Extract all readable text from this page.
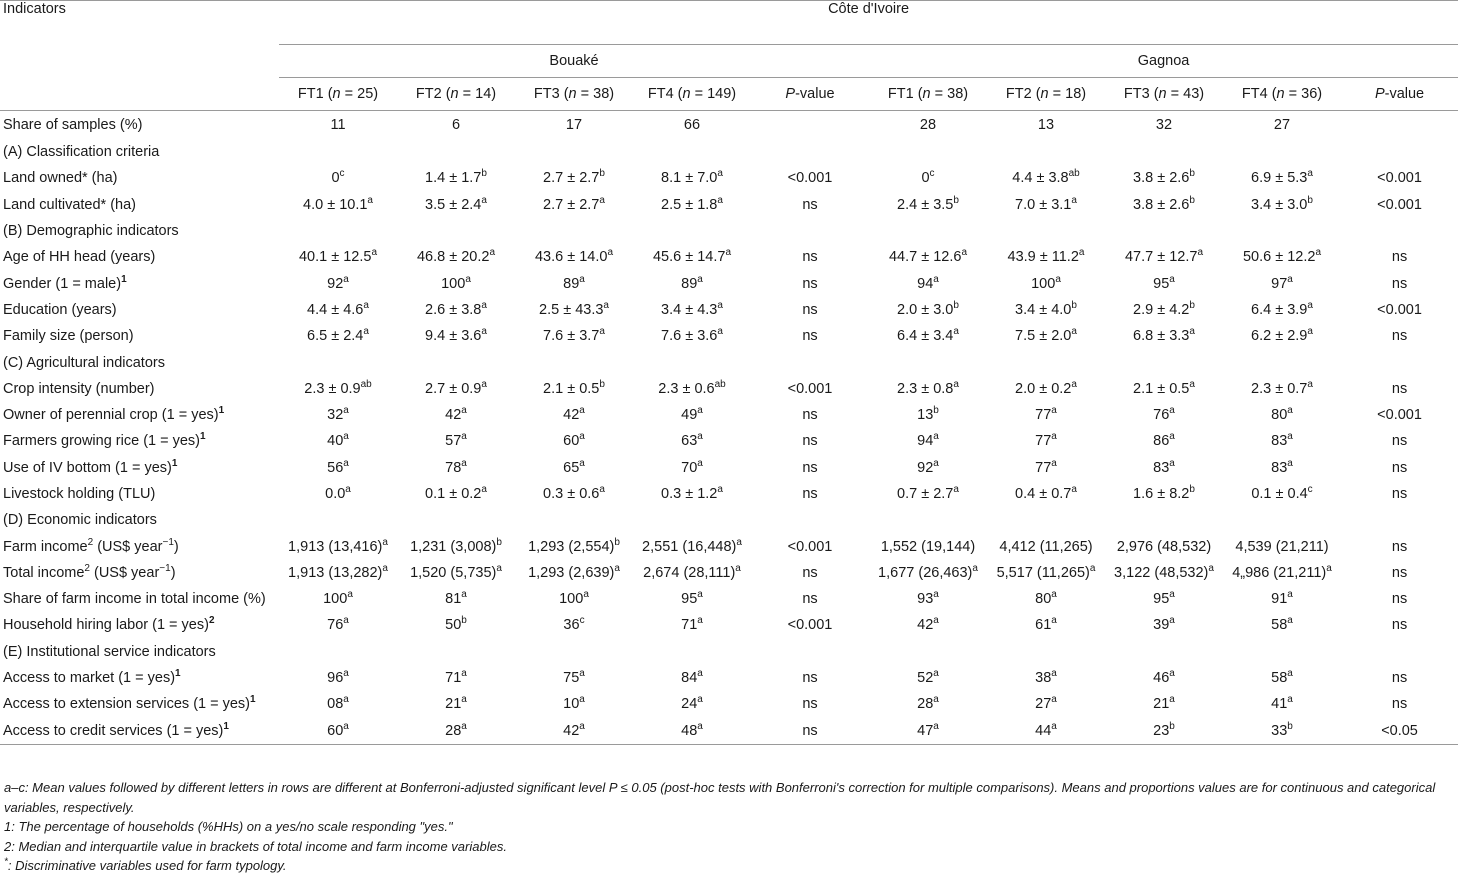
Indicators	Côte d'Ivoire									
	Bouaké					Gagnoa				
	FT1 (n = 25)	FT2 (n = 14)	FT3 (n = 38)	FT4 (n = 149)	P-value	FT1 (n = 38)	FT2 (n = 18)	FT3 (n = 43)	FT4 (n = 36)	P-value
Share of samples (%)	11	6	17	66		28	13	32	27	
(A) Classification criteria										
Land owned* (ha)	0$^c$	1.4 ± 1.7$^b$	2.7 ± 2.7$^b$	8.1 ± 7.0$^a$	<0.001	0$^c$	4.4 ± 3.8$^{ab}$	3.8 ± 2.6$^b$	6.9 ± 5.3$^a$	<0.001
Land cultivated* (ha)	4.0 ± 10.1$^a$	3.5 ± 2.4$^a$	2.7 ± 2.7$^a$	2.5 ± 1.8$^a$	ns	2.4 ± 3.5$^b$	7.0 ± 3.1$^a$	3.8 ± 2.6$^b$	3.4 ± 3.0$^b$	<0.001
(B) Demographic indicators										
Age of HH head (years)	40.1 ± 12.5$^a$	46.8 ± 20.2$^a$	43.6 ± 14.0$^a$	45.6 ± 14.7$^a$	ns	44.7 ± 12.6$^a$	43.9 ± 11.2$^a$	47.7 ± 12.7$^a$	50.6 ± 12.2$^a$	ns
Gender (1 = male)$^1$	92$^a$	100$^a$	89$^a$	89$^a$	ns	94$^a$	100$^a$	95$^a$	97$^a$	ns
Education (years)	4.4 ± 4.6$^a$	2.6 ± 3.8$^a$	2.5 ± 43.3$^a$	3.4 ± 4.3$^a$	ns	2.0 ± 3.0$^b$	3.4 ± 4.0$^b$	2.9 ± 4.2$^b$	6.4 ± 3.9$^a$	<0.001
Family size (person)	6.5 ± 2.4$^a$	9.4 ± 3.6$^a$	7.6 ± 3.7$^a$	7.6 ± 3.6$^a$	ns	6.4 ± 3.4$^a$	7.5 ± 2.0$^a$	6.8 ± 3.3$^a$	6.2 ± 2.9$^a$	ns
(C) Agricultural indicators										
Crop intensity (number)	2.3 ± 0.9$^{ab}$	2.7 ± 0.9$^a$	2.1 ± 0.5$^b$	2.3 ± 0.6$^{ab}$	<0.001	2.3 ± 0.8$^a$	2.0 ± 0.2$^a$	2.1 ± 0.5$^a$	2.3 ± 0.7$^a$	ns
Owner of perennial crop (1 = yes)$^1$	32$^a$	42$^a$	42$^a$	49$^a$	ns	13$^b$	77$^a$	76$^a$	$80^a$	<0.001
Farmers growing rice (1 = yes)$^1$	40$^a$	57$^a$	60$^a$	63$^a$	ns	94$^a$	77$^a$	86$^a$	83$^a$	ns
Use of IV bottom (1 = yes)$^1$	56$^a$	78$^a$	65$^a$	70$^a$	ns	92$^a$	77$^a$	83$^a$	83$^a$	ns
Livestock holding (TLU)	0.0$^a$	0.1 ± 0.2$^a$	0.3 ± 0.6$^a$	0.3 ± 1.2$^a$	ns	0.7 ± 2.7$^a$	0.4 ± 0.7$^a$	1.6 ± 8.2$^b$	0.1 ± 0.4$^c$	ns
(D) Economic indicators										
Farm income$^2$ (US$ year$^{-1}$)	1,913 $(13,416)^a$	1,231 $(3,008)^b$	1,293 $(2,554)^b$	2,551 $(16,448)^a$	<0.001	1,552 (19,144)	4,412 (11,265)	2,976 (48,532)	4,539 (21,211)	ns
Total income$^2$ (US$ year$^{-1}$)	1,913 $(13,282)^a$	1,520 $(5,735)^a$	1,293 $(2,639)^a$	2,674 $(28,111)^a$	ns	1,677 $(26,463)^a$	5,517 $(11,265)^a$	3,122 $(48,532)^a$	4„986 $(21,211)^a$	ns
Share of farm income in total income (%)	100$^a$	81$^a$	100$^a$	95$^a$	ns	93$^a$	80$^a$	95$^a$	91$^a$	ns
Household hiring labor (1 = yes)$^2$	76$^a$	50$^b$	36$^c$	$71^a$	<0.001	42$^a$	61$^a$	39$^a$	58$^a$	ns
(E) Institutional service indicators										
Access to market (1 = yes)$^1$	96$^a$	71$^a$	75$^a$	84$^a$	ns	52$^a$	38$^a$	46$^a$	58$^a$	ns
Access to extension services (1 = yes)$^1$	08$^a$	21$^a$	10$^a$	24$^a$	ns	28$^a$	27$^a$	21$^a$	41$^a$	ns
Access to credit services (1 = yes)$^1$	60$^a$	28$^a$	42$^a$	48$^a$	ns	47$^a$	44$^a$	23$^b$	$33^b$	<0.05
a–c: Mean values followed by different letters in rows are different at Bonferroni-adjusted significant level P ≤ 0.05 (post-hoc tests with Bonferroni's correction for multiple comparisons). Means and proportions values are for continuous and categorical variables, respectively.
1: The percentage of households (%HHs) on a yes/no scale responding "yes."
2: Median and interquartile value in brackets of total income and farm income variables.
*: Discriminative variables used for farm typology.
